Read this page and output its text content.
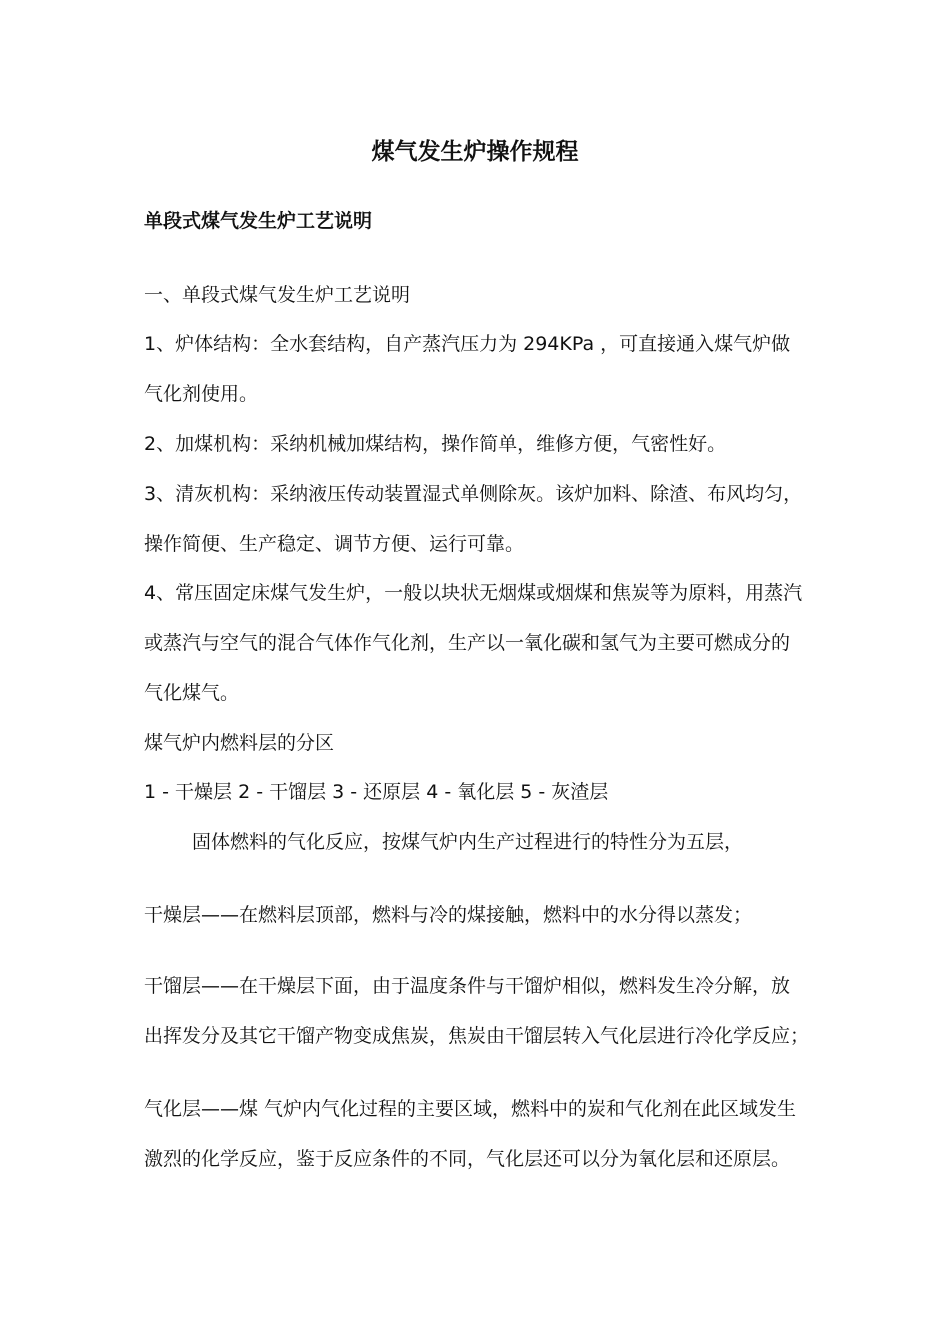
煤气发生炉操作规程
单段式煤气发生炉工艺说明
一、单段式煤气发生炉工艺说明
1、炉体结构：全水套结构，自产蒸汽压力为 294KPa ，可直接通入煤气炉做
气化剂使用。
2、加煤机构：采纳机械加煤结构，操作简单，维修方便，气密性好。
3、清灰机构：采纳液压传动装置湿式单侧除灰。该炉加料、除渣、布风均匀，
操作简便、生产稳定、调节方便、运行可靠。
4、常压固定床煤气发生炉，一般以块状无烟煤或烟煤和焦炭等为原料，用蒸汽
或蒸汽与空气的混合气体作气化剂，生产以一氧化碳和氢气为主要可燃成分的
气化煤气。
煤气炉内燃料层的分区
1 - 干燥层 2 - 干馏层 3 - 还原层 4 - 氧化层 5 - 灰渣层
固体燃料的气化反应，按煤气炉内生产过程进行的特性分为五层，
干燥层——在燃料层顶部，燃料与冷的煤接触，燃料中的水分得以蒸发；
干馏层——在干燥层下面，由于温度条件与干馏炉相似，燃料发生冷分解，放
出挥发分及其它干馏产物变成焦炭，焦炭由干馏层转入气化层进行冷化学反应；
气化层——煤 气炉内气化过程的主要区域，燃料中的炭和气化剂在此区域发生
激烈的化学反应，鉴于反应条件的不同，气化层还可以分为氧化层和还原层。
